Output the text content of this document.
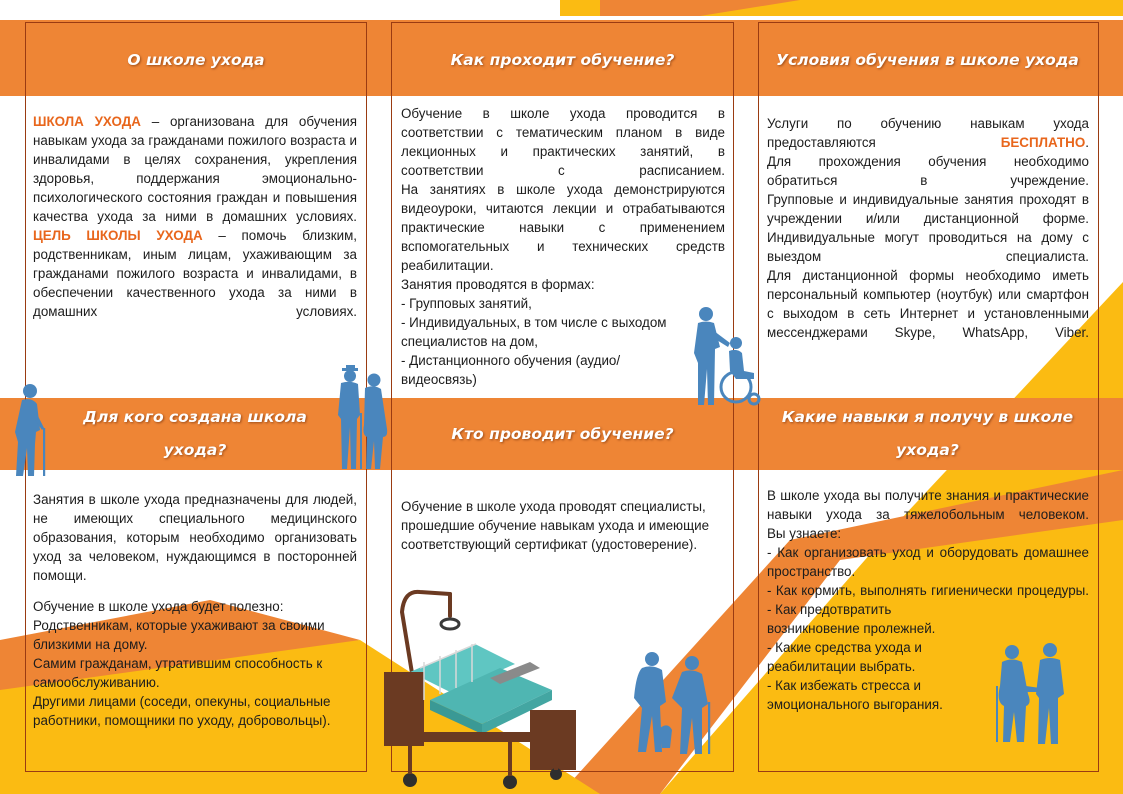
О школе ухода	Как проходит обучение?	Условия обучения в школе ухода
Для кого создана школа ухода?
Кто проводит обучение?
Какие навыки я получу в школе ухода?

ШКОЛА УХОДА – организована для обучения навыкам ухода за гражданами пожилого возраста и инвалидами в целях сохранения, укрепления здоровья, поддержания эмоционально-психологического состояния граждан и повышения качества ухода за ними в домашних условиях.

ЦЕЛЬ ШКОЛЫ УХОДА – помочь близким, родственникам, иным лицам, ухаживающим за гражданами пожилого возраста и инвалидами, в обеспечении качественного ухода за ними в домашних условиях.

Обучение в школе ухода проводится в соответствии с тематическим планом в виде лекционных и практических занятий, в соответствии с расписанием.

На занятиях в школе ухода демонстрируются видеоуроки, читаются лекции и отрабатываются практические навыки с применением вспомогательных и технических средств реабилитации.

Занятия проводятся в формах:

- Групповых занятий,

- Индивидуальных, в том числе с выходом специалистов на дом,

- Дистанционного обучения (аудио/видеосвязь)

Услуги по обучению навыкам ухода предоставляются БЕСПЛАТНО.

Для прохождения обучения необходимо обратиться в учреждение.

Групповые и индивидуальные занятия проходят в учреждении и/или дистанционной форме.

Индивидуальные могут проводиться на дому с выездом специалиста.

Для дистанционной формы необходимо иметь персональный компьютер (ноутбук) или смартфон с выходом в сеть Интернет и установленными мессенджерами Skype, WhatsApp, Viber.

Занятия в школе ухода предназначены для людей, не имеющих специального медицинского образования, которым необходимо организовать уход за человеком, нуждающимся в посторонней помощи.

Обучение в школе ухода будет полезно:

Родственникам, которые ухаживают за своими близкими на дому.

Самим гражданам, утратившим способность к самообслуживанию.

Другими лицами (соседи, опекуны, социальные работники, помощники по уходу, добровольцы).

Обучение в школе ухода проводят специалисты, прошедшие обучение навыкам ухода и имеющие соответствующий сертификат (удостоверение).

В школе ухода вы получите знания и практические навыки ухода за тяжелобольным человеком.

Вы узнаете:

- Как организовать уход и оборудовать домашнее пространство.

- Как кормить, выполнять гигиенически процедуры.

- Как предотвратить возникновение пролежней.

- Какие средства ухода и реабилитации выбрать.

- Как избежать стресса и эмоционального выгорания.
